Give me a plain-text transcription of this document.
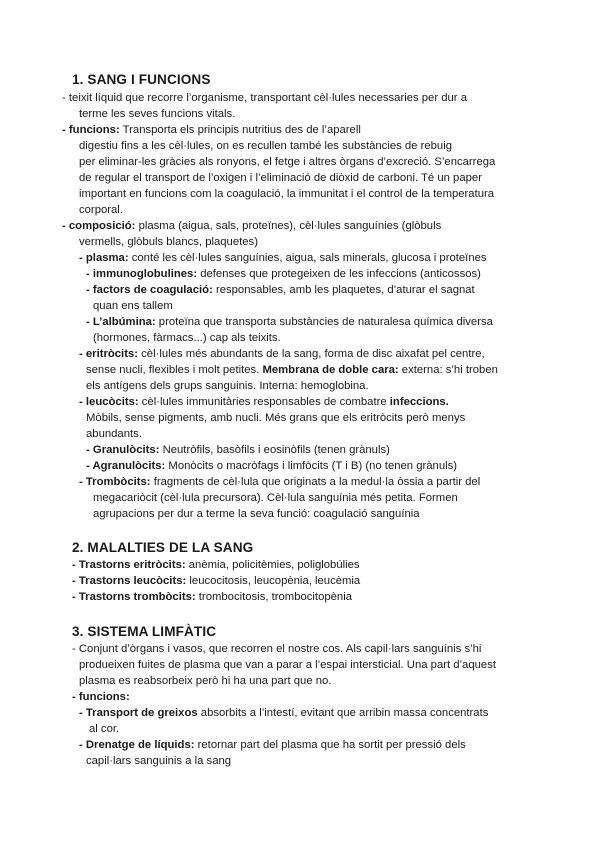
1. SANG I FUNCIONS
- teixit líquid que recorre l’organisme, transportant cèl·lules necessaries per dur a
terme les seves funcions vitals.
- funcions: Transporta els principis nutritius des de l’aparell
digestiu fins a les cèl·lules, on es recullen també les substàncies de rebuig
per eliminar-les gràcies als ronyons, el fetge i altres òrgans d’excreció. S’encarrega
de regular el transport de l’oxigen i l’eliminació de diòxid de carboni. Té un paper
important en funcions com la coagulació, la immunitat i el control de la temperatura
corporal.
- composició: plasma (aigua, sals, proteïnes), cèl·lules sanguínies (glòbuls
vermells, glòbuls blancs, plaquetes)
- plasma: conté les cèl·lules sanguínies, aigua, sals minerals, glucosa i proteïnes
- immunoglobulines: defenses que protegeixen de les infeccions (anticossos)
- factors de coagulació: responsables, amb les plaquetes, d’aturar el sagnat
quan ens tallem
- L’albúmina: proteïna que transporta substàncies de naturalesa química diversa
(hormones, fàrmacs...) cap als teixits.
- eritròcits: cèl·lules més abundants de la sang, forma de disc aixafat pel centre,
sense nucli, flexibles i molt petites. Membrana de doble cara: externa: s’hi troben
els antígens dels grups sanguinis. Interna: hemoglobina.
- leucòcits: cèl·lules immunitàries responsables de combatre infeccions.
Mòbils, sense pigments, amb nucli. Més grans que els eritròcits però menys
abundants.
- Granulòcits: Neutròfils, basòfils i eosinòfils (tenen grànuls)
- Agranulòcits: Monòcits o macròfags i limfòcits (T i B) (no tenen grànuls)
- Trombòcits: fragments de cèl·lula que originats a la medul·la òssia a partir del
megacariòcit (cèl·lula precursora). Cèl·lula sanguínia més petita. Formen
agrupacions per dur a terme la seva funció: coagulació sanguínia
2. MALALTIES DE LA SANG
- Trastorns eritròcits: anèmia, policitèmies, poliglobúlies
- Trastorns leucòcits: leucocitosis, leucopènia, leucèmia
- Trastorns trombòcits: trombocitosis, trombocitopènia
3. SISTEMA LIMFÀTIC
- Conjunt d’òrgans i vasos, que recorren el nostre cos. Als capil·lars sanguínis s’hi
produeixen fuites de plasma que van a parar a l’espai intersticial. Una part d’aquest
plasma es reabsorbeix però hi ha una part que no.
- funcions:
- Transport de greixos absorbits a l’intestí, evitant que arribin massa concentrats
al cor.
- Drenatge de líquids: retornar part del plasma que ha sortit per pressió dels
capil·lars sanguinis a la sang
